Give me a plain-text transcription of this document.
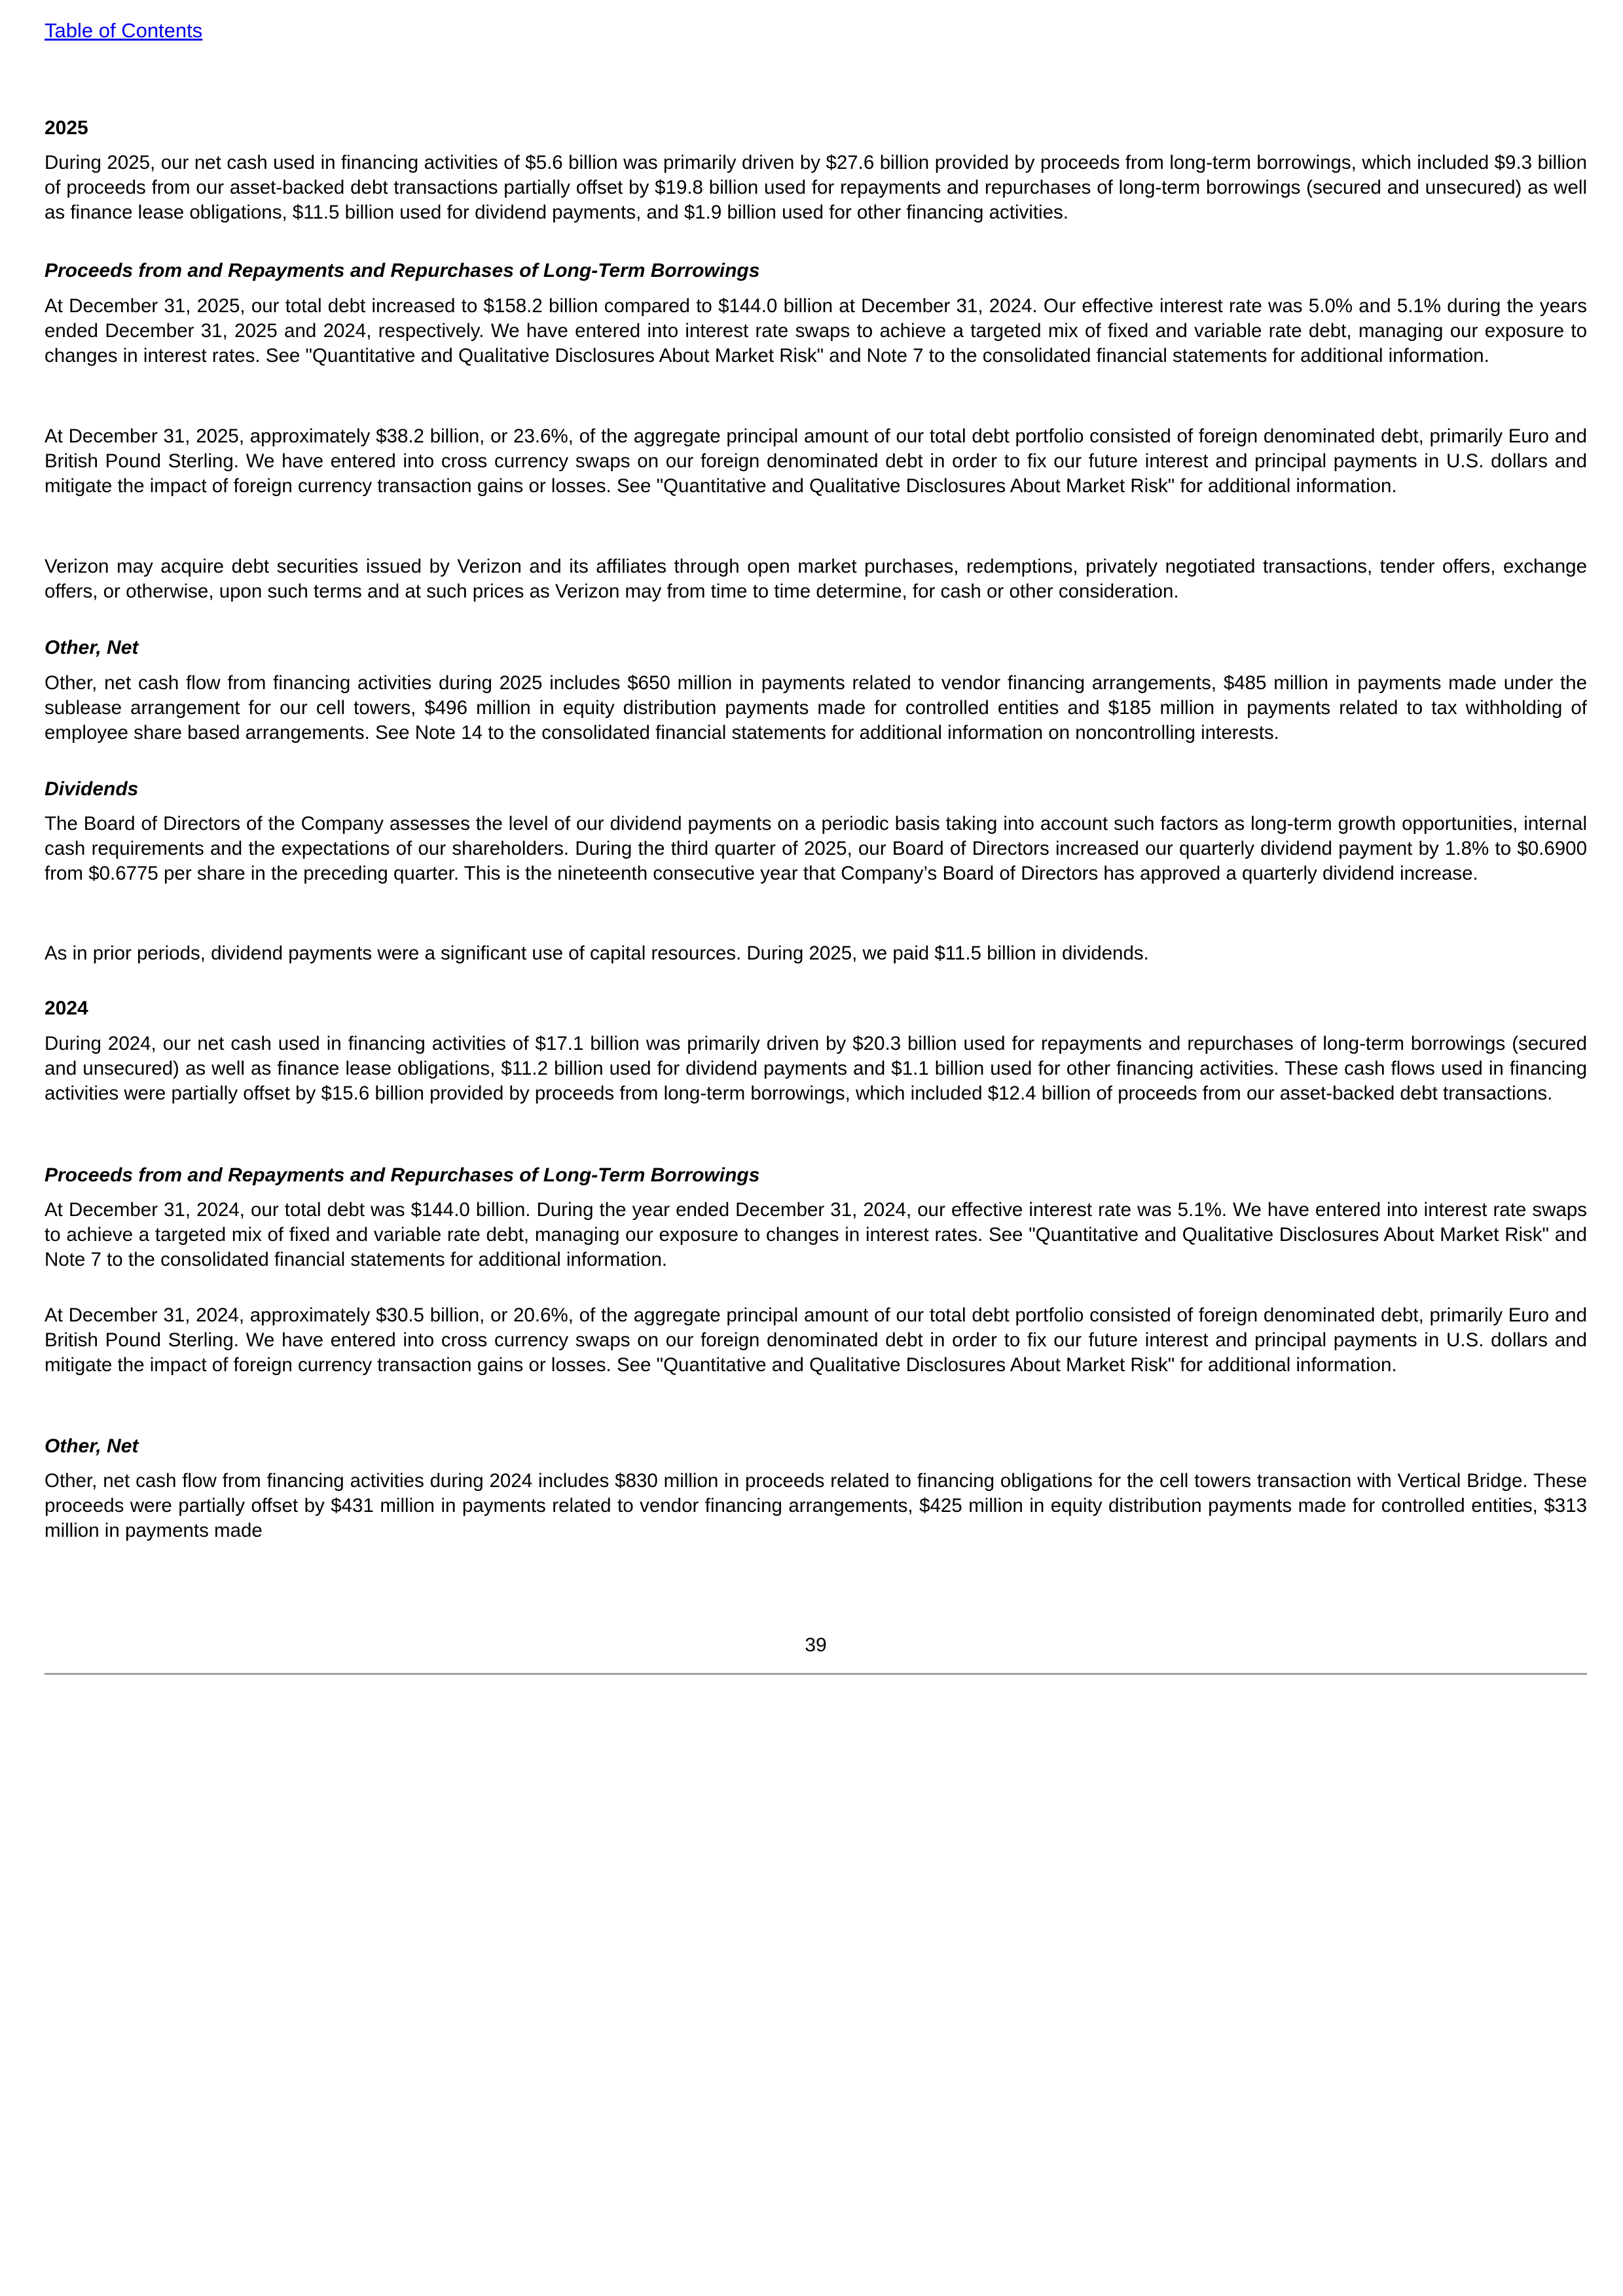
Table of Contents

2025

During 2025, our net cash used in financing activities of $5.6 billion was primarily driven by $27.6 billion provided by proceeds from long-term borrowings, which included $9.3 billion of proceeds from our asset-backed debt transactions partially offset by $19.8 billion used for repayments and repurchases of long-term borrowings (secured and unsecured) as well as finance lease obligations, $11.5 billion used for dividend payments, and $1.9 billion used for other financing activities.

Proceeds from and Repayments and Repurchases of Long-Term Borrowings

At December 31, 2025, our total debt increased to $158.2 billion compared to $144.0 billion at December 31, 2024. Our effective interest rate was 5.0% and 5.1% during the years ended December 31, 2025 and 2024, respectively. We have entered into interest rate swaps to achieve a targeted mix of fixed and variable rate debt, managing our exposure to changes in interest rates. See "Quantitative and Qualitative Disclosures About Market Risk" and Note 7 to the consolidated financial statements for additional information.

At December 31, 2025, approximately $38.2 billion, or 23.6%, of the aggregate principal amount of our total debt portfolio consisted of foreign denominated debt, primarily Euro and British Pound Sterling. We have entered into cross currency swaps on our foreign denominated debt in order to fix our future interest and principal payments in U.S. dollars and mitigate the impact of foreign currency transaction gains or losses. See "Quantitative and Qualitative Disclosures About Market Risk" for additional information.

Verizon may acquire debt securities issued by Verizon and its affiliates through open market purchases, redemptions, privately negotiated transactions, tender offers, exchange offers, or otherwise, upon such terms and at such prices as Verizon may from time to time determine, for cash or other consideration.

Other, Net

Other, net cash flow from financing activities during 2025 includes $650 million in payments related to vendor financing arrangements, $485 million in payments made under the sublease arrangement for our cell towers, $496 million in equity distribution payments made for controlled entities and $185 million in payments related to tax withholding of employee share based arrangements. See Note 14 to the consolidated financial statements for additional information on noncontrolling interests.

Dividends

The Board of Directors of the Company assesses the level of our dividend payments on a periodic basis taking into account such factors as long-term growth opportunities, internal cash requirements and the expectations of our shareholders. During the third quarter of 2025, our Board of Directors increased our quarterly dividend payment by 1.8% to $0.6900 from $0.6775 per share in the preceding quarter. This is the nineteenth consecutive year that Company’s Board of Directors has approved a quarterly dividend increase.

As in prior periods, dividend payments were a significant use of capital resources. During 2025, we paid $11.5 billion in dividends.

2024

During 2024, our net cash used in financing activities of $17.1 billion was primarily driven by $20.3 billion used for repayments and repurchases of long-term borrowings (secured and unsecured) as well as finance lease obligations, $11.2 billion used for dividend payments and $1.1 billion used for other financing activities. These cash flows used in financing activities were partially offset by $15.6 billion provided by proceeds from long-term borrowings, which included $12.4 billion of proceeds from our asset-backed debt transactions.

Proceeds from and Repayments and Repurchases of Long-Term Borrowings

At December 31, 2024, our total debt was $144.0 billion. During the year ended December 31, 2024, our effective interest rate was 5.1%. We have entered into interest rate swaps to achieve a targeted mix of fixed and variable rate debt, managing our exposure to changes in interest rates. See "Quantitative and Qualitative Disclosures About Market Risk" and Note 7 to the consolidated financial statements for additional information.

At December 31, 2024, approximately $30.5 billion, or 20.6%, of the aggregate principal amount of our total debt portfolio consisted of foreign denominated debt, primarily Euro and British Pound Sterling. We have entered into cross currency swaps on our foreign denominated debt in order to fix our future interest and principal payments in U.S. dollars and mitigate the impact of foreign currency transaction gains or losses. See "Quantitative and Qualitative Disclosures About Market Risk" for additional information.

Other, Net

Other, net cash flow from financing activities during 2024 includes $830 million in proceeds related to financing obligations for the cell towers transaction with Vertical Bridge. These proceeds were partially offset by $431 million in payments related to vendor financing arrangements, $425 million in equity distribution payments made for controlled entities, $313 million in payments made

39
